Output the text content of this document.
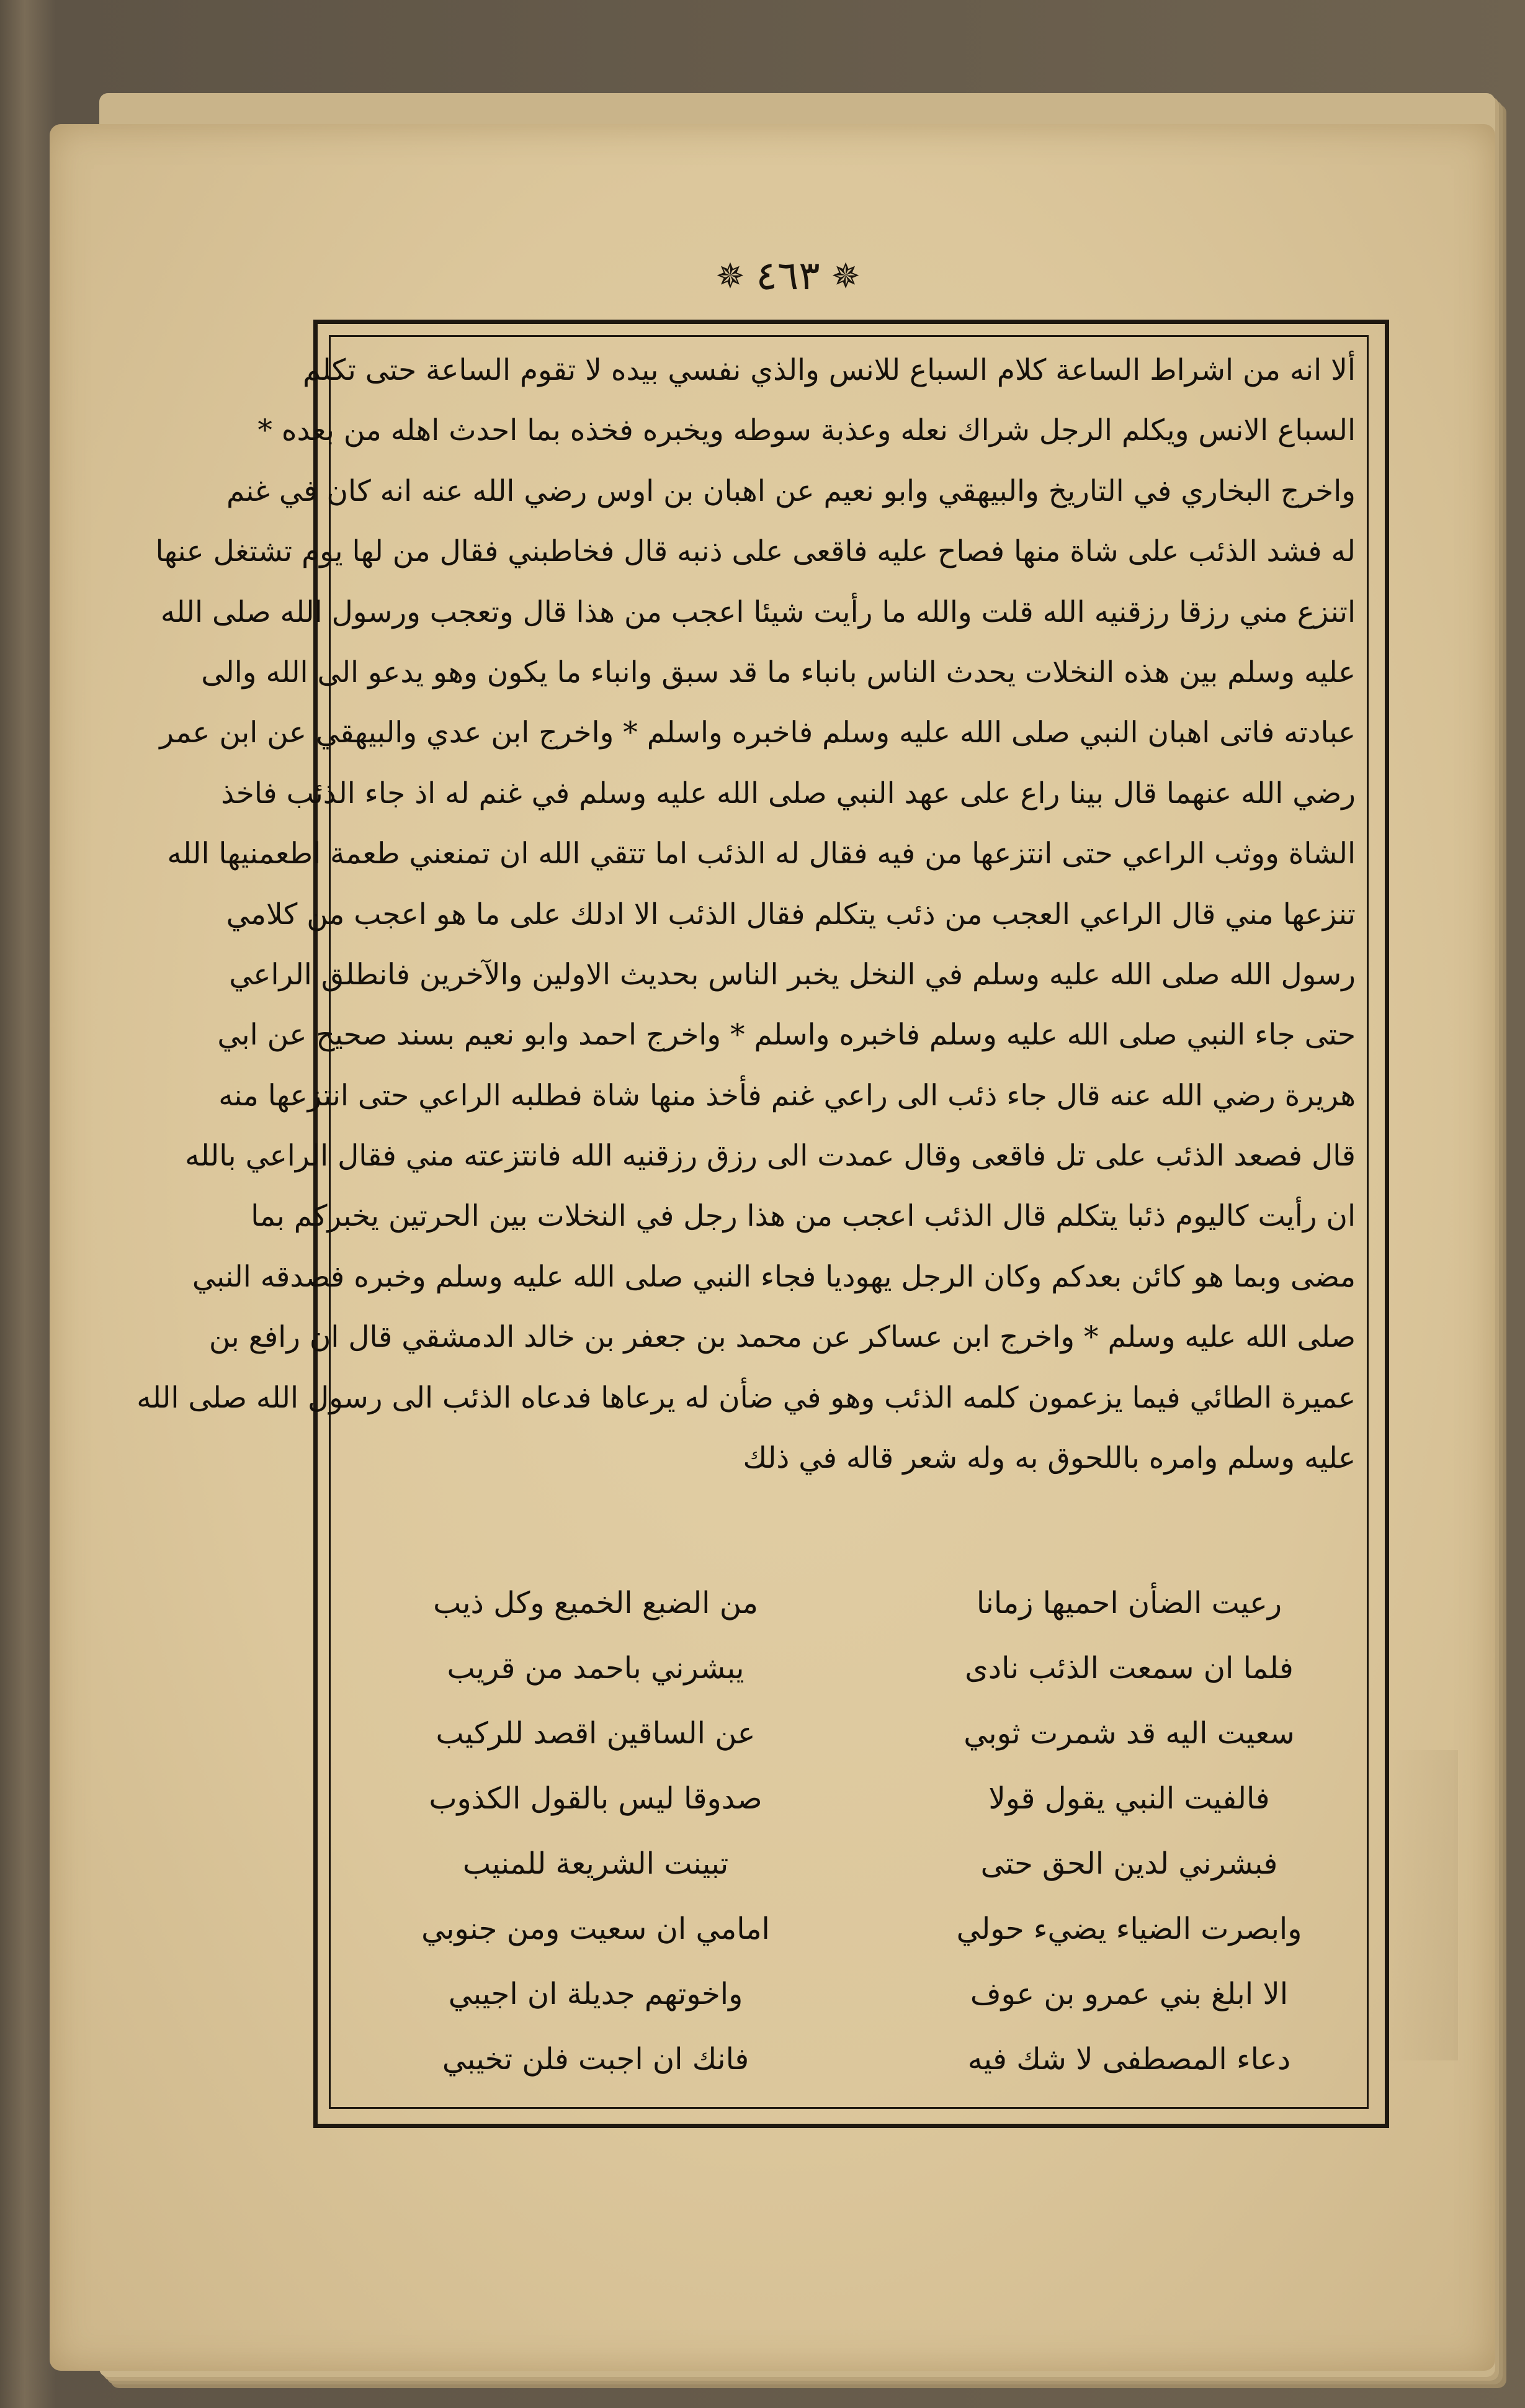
✵
٤٦٣
✵
ألا انه من اشراط الساعة كلام السباع للانس والذي نفسي بيده لا تقوم الساعة حتى تكلم
السباع الانس ويكلم الرجل شراك نعله وعذبة سوطه ويخبره فخذه بما احدث اهله من بعده *
واخرج البخاري في التاريخ والبيهقي وابو نعيم عن اهبان بن اوس رضي الله عنه انه كان في غنم
له فشد الذئب على شاة منها فصاح عليه فاقعى على ذنبه قال فخاطبني فقال من لها يوم تشتغل عنها
اتنزع مني رزقا رزقنيه الله قلت والله ما رأيت شيئا اعجب من هذا قال وتعجب ورسول الله صلى الله
عليه وسلم بين هذه النخلات يحدث الناس بانباء ما قد سبق وانباء ما يكون وهو يدعو الى الله والى
عبادته فاتى اهبان النبي صلى الله عليه وسلم فاخبره واسلم * واخرج ابن عدي والبيهقي عن ابن عمر
رضي الله عنهما قال بينا راع على عهد النبي صلى الله عليه وسلم في غنم له اذ جاء الذئب فاخذ
الشاة ووثب الراعي حتى انتزعها من فيه فقال له الذئب اما تتقي الله ان تمنعني طعمة اطعمنيها الله
تنزعها مني قال الراعي العجب من ذئب يتكلم فقال الذئب الا ادلك على ما هو اعجب من كلامي
رسول الله صلى الله عليه وسلم في النخل يخبر الناس بحديث الاولين والآخرين فانطلق الراعي
حتى جاء النبي صلى الله عليه وسلم فاخبره واسلم * واخرج احمد وابو نعيم بسند صحيح عن ابي
هريرة رضي الله عنه قال جاء ذئب الى راعي غنم فأخذ منها شاة فطلبه الراعي حتى انتزعها منه
قال فصعد الذئب على تل فاقعى وقال عمدت الى رزق رزقنيه الله فانتزعته مني فقال الراعي بالله
ان رأيت كاليوم ذئبا يتكلم قال الذئب اعجب من هذا رجل في النخلات بين الحرتين يخبركم بما
مضى وبما هو كائن بعدكم وكان الرجل يهوديا فجاء النبي صلى الله عليه وسلم وخبره فصدقه النبي
صلى الله عليه وسلم * واخرج ابن عساكر عن محمد بن جعفر بن خالد الدمشقي قال ان رافع بن
عميرة الطائي فيما يزعمون كلمه الذئب وهو في ضأن له يرعاها فدعاه الذئب الى رسول الله صلى الله
عليه وسلم وامره باللحوق به وله شعر قاله في ذلك
رعيت الضأن احميها زمانا
من الضبع الخميع وكل ذيب
فلما ان سمعت الذئب نادى
يبشرني باحمد من قريب
سعيت اليه قد شمرت ثوبي
عن الساقين اقصد للركيب
فالفيت النبي يقول قولا
صدوقا ليس بالقول الكذوب
فبشرني لدين الحق حتى
تبينت الشريعة للمنيب
وابصرت الضياء يضيء حولي
امامي ان سعيت ومن جنوبي
الا ابلغ بني عمرو بن عوف
واخوتهم جديلة ان اجيبي
دعاء المصطفى لا شك فيه
فانك ان اجبت فلن تخيبي
